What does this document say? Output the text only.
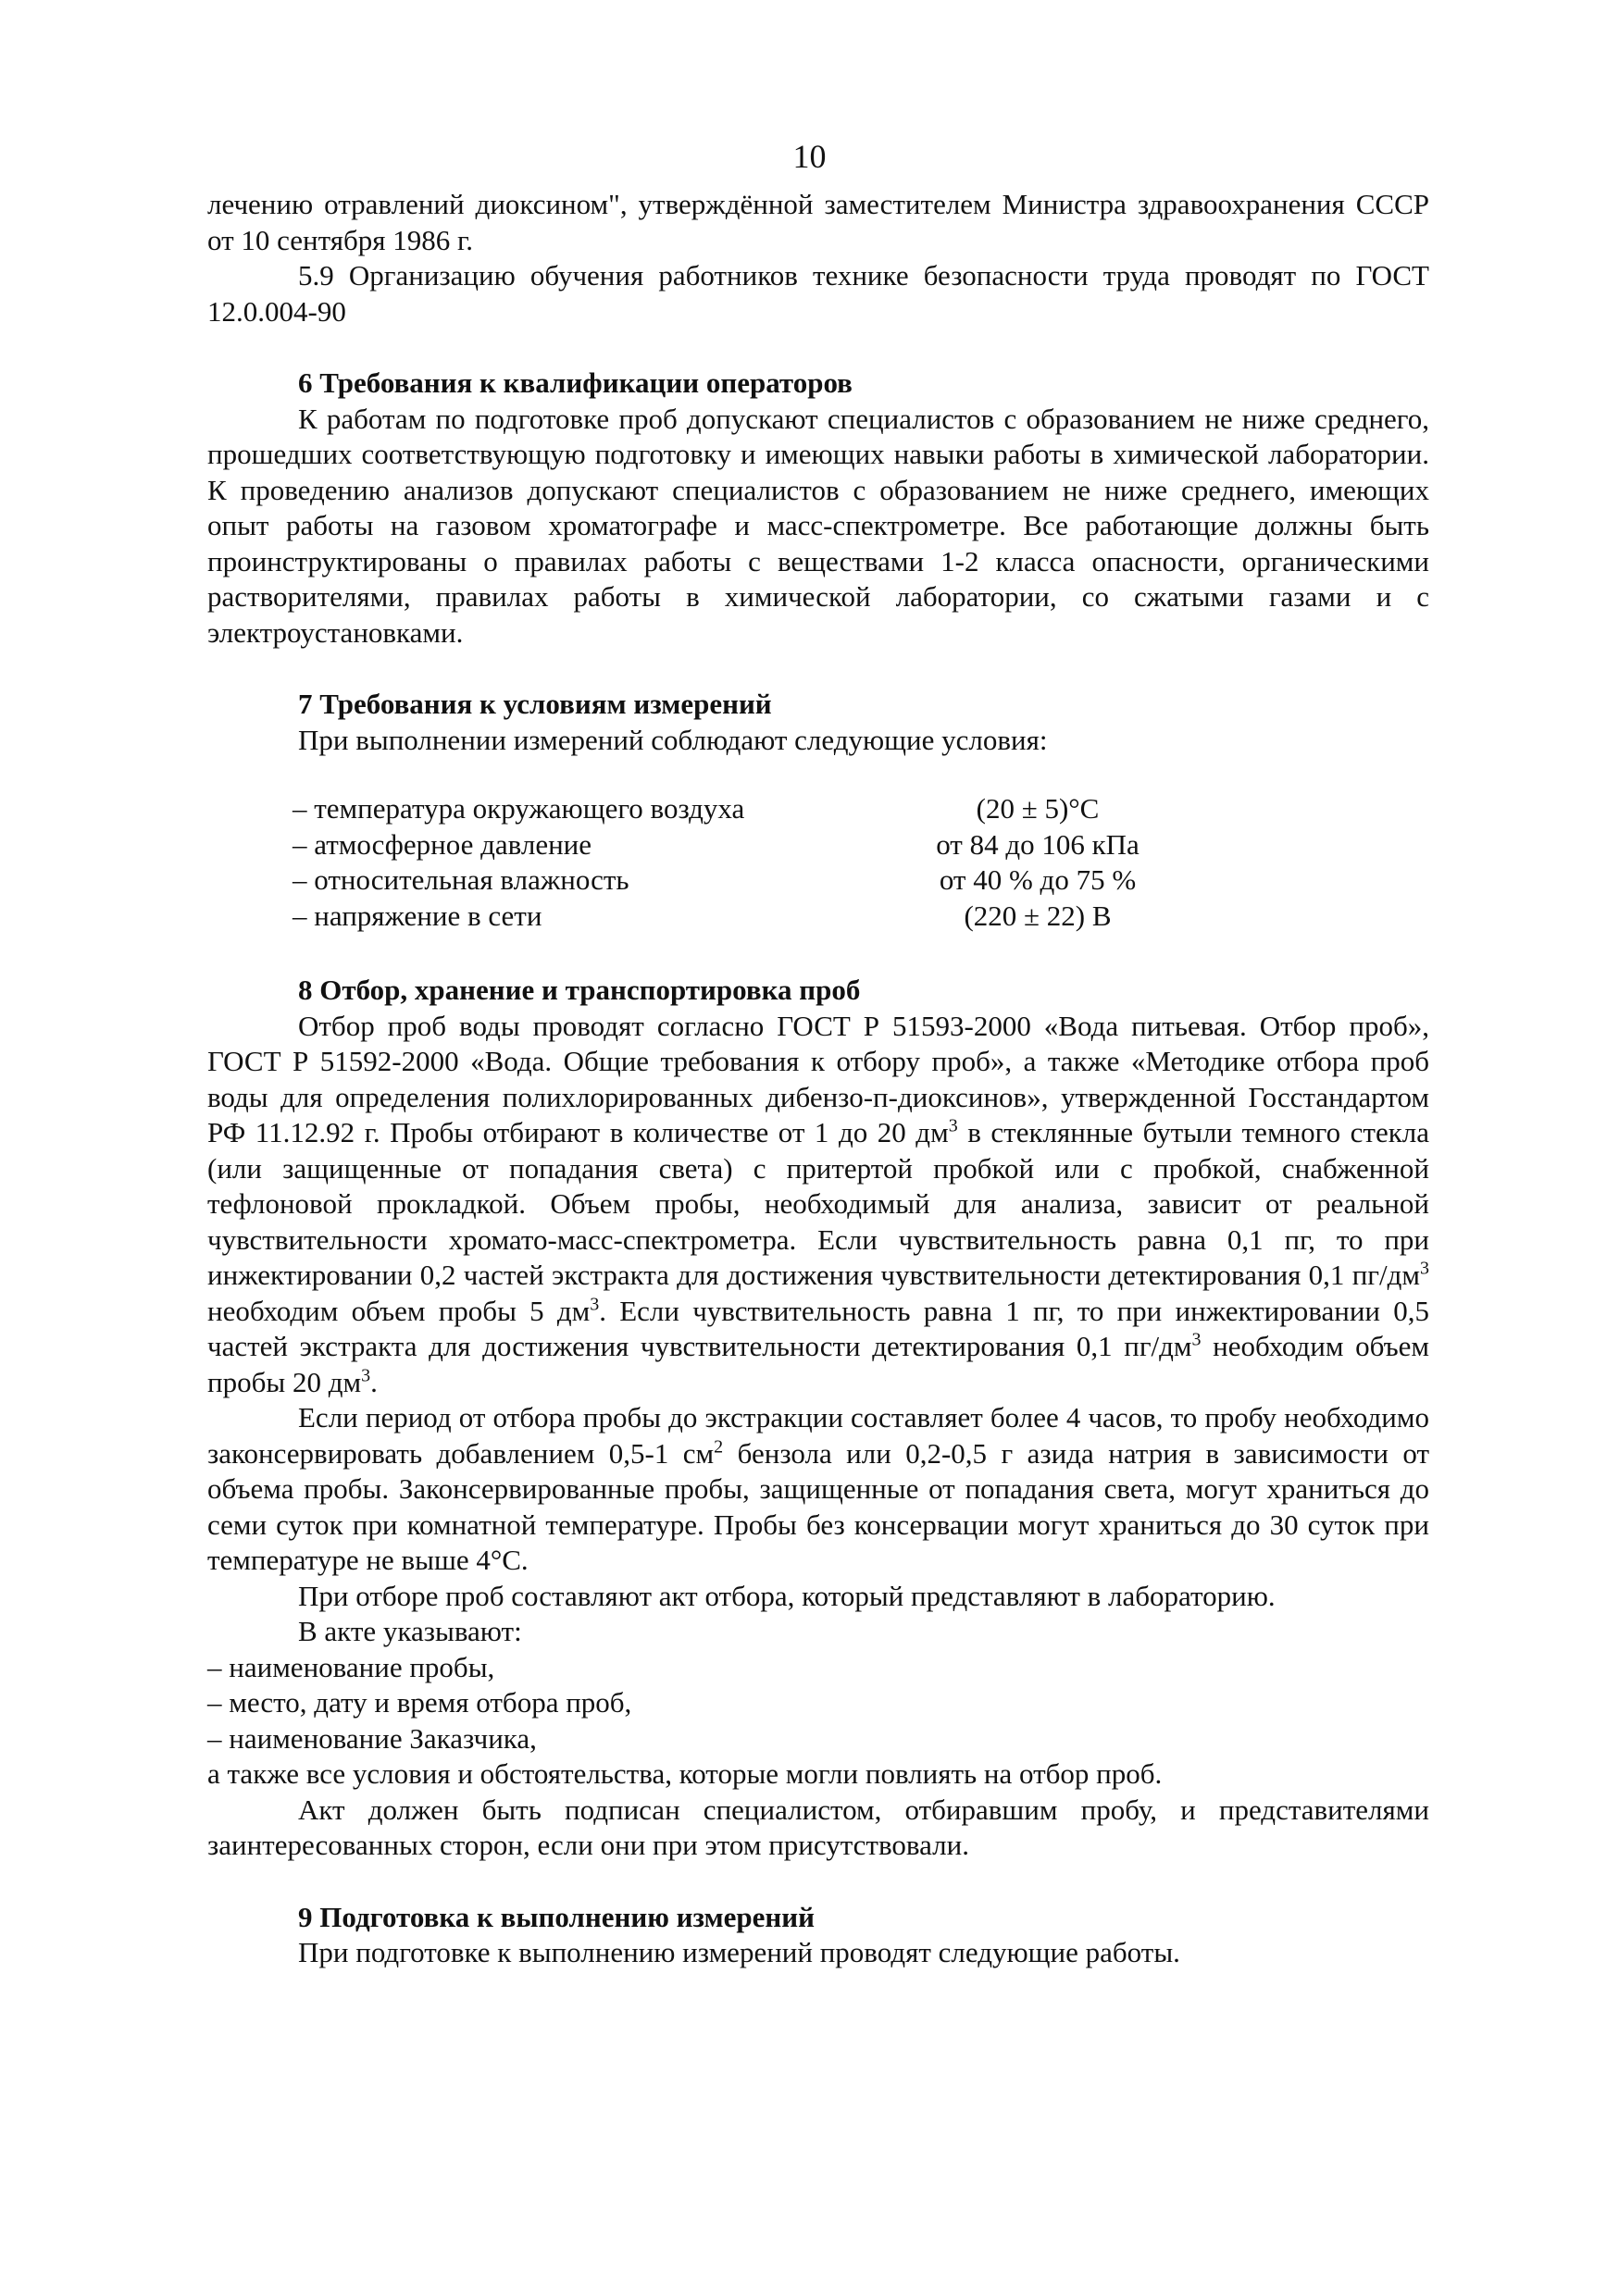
10

лечению отравлений диоксином", утверждённой заместителем Министра здравоохранения СССР от 10 сентября 1986 г.

5.9 Организацию обучения работников технике безопасности труда проводят по ГОСТ 12.0.004-90

6 Требования к квалификации операторов

К работам по подготовке проб допускают специалистов с образованием не ниже среднего, прошедших соответствующую подготовку и имеющих навыки работы в химической лаборатории. К проведению анализов допускают специалистов с образованием не ниже среднего, имеющих опыт работы на газовом хроматографе и масс-спектрометре. Все работающие должны быть проинструктированы о правилах работы с веществами 1-2 класса опасности, органическими растворителями, правилах работы в химической лаборатории, со сжатыми газами и с электроустановками.

7 Требования к условиям измерений

При выполнении измерений соблюдают следующие условия:

– температура окружающего воздуха	(20 ± 5)°С
– атмосферное давление	от 84 до 106 кПа
– относительная влажность	от 40 % до 75 %
– напряжение в сети	(220 ± 22) В

8 Отбор, хранение и транспортировка проб

Отбор проб воды проводят согласно ГОСТ Р 51593-2000 «Вода питьевая. Отбор проб», ГОСТ Р 51592-2000 «Вода. Общие требования к отбору проб», а также «Методике отбора проб воды для определения полихлорированных дибензо-п-диоксинов», утвержденной Госстандартом РФ 11.12.92 г. Пробы отбирают в количестве от 1 до 20 $дм^3$ в стеклянные бутыли темного стекла (или защищенные от попадания света) с притертой пробкой или с пробкой, снабженной тефлоновой прокладкой. Объем пробы, необходимый для анализа, зависит от реальной чувствительности хромато-масс-спектрометра. Если чувствительность равна 0,1 пг, то при инжектировании 0,2 частей экстракта для достижения чувствительности детектирования 0,1 $пг/дм^3$ необходим объем пробы 5 $дм^3$. Если чувствительность равна 1 пг, то при инжектировании 0,5 частей экстракта для достижения чувствительности детектирования 0,1 $пг/дм^3$ необходим объем пробы 20 $дм^3$.

Если период от отбора пробы до экстракции составляет более 4 часов, то пробу необходимо законсервировать добавлением 0,5-1 $см^2$ бензола или 0,2-0,5 г азида натрия в зависимости от объема пробы. Законсервированные пробы, защищенные от попадания света, могут храниться до семи суток при комнатной температуре. Пробы без консервации могут храниться до 30 суток при температуре не выше 4°С.

При отборе проб составляют акт отбора, который представляют в лабораторию.

В акте указывают:

– наименование пробы,

– место, дату и время отбора проб,

– наименование Заказчика,

а также все условия и обстоятельства, которые могли повлиять на отбор проб.

Акт должен быть подписан специалистом, отбиравшим пробу, и представителями заинтересованных сторон, если они при этом присутствовали.

9 Подготовка к выполнению измерений

При подготовке к выполнению измерений проводят следующие работы.
